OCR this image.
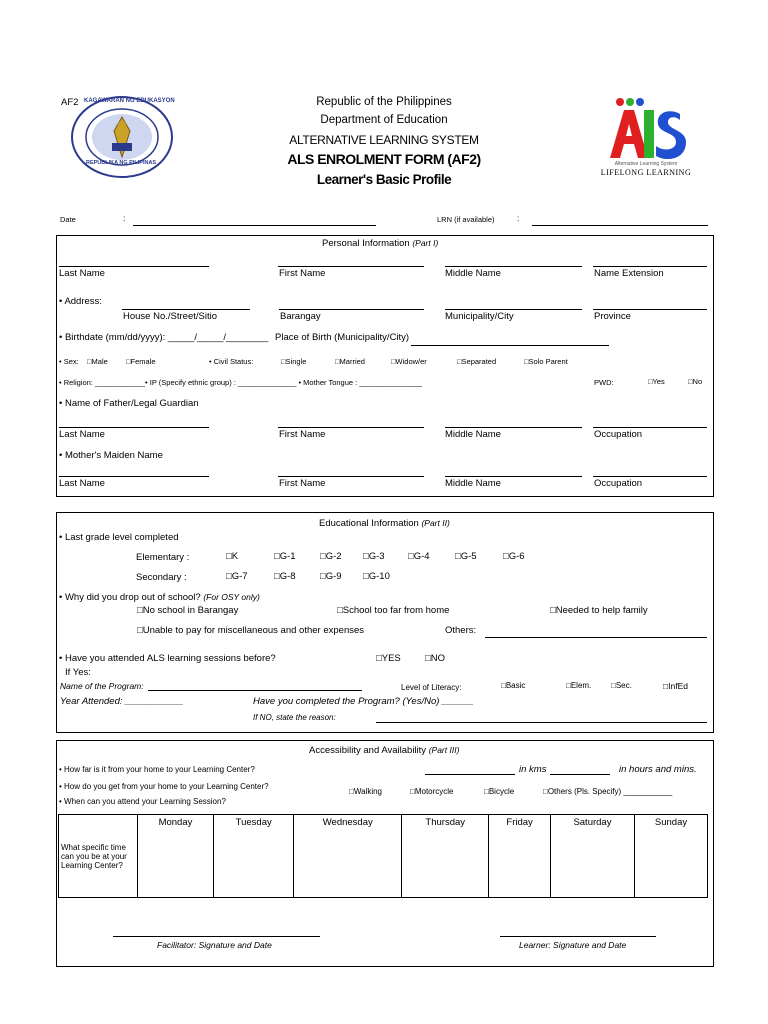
AF2 KAGAWARAN NG EDUKASYON
REPUBLIKA NG PILIPINAS
Republic of the Philippines
Department of Education
ALTERNATIVE LEARNING SYSTEM
ALS ENROLMENT FORM (AF2)
Learner's Basic Profile
Alternative Learning System
LIFELONG LEARNING
Date	:	LRN (if available)	:
Personal Information (Part I)
Last Name	First Name	Middle Name	Name Extension
• Address:
House No./Street/Sitio	Barangay	Municipality/City	Province
• Birthdate (mm/dd/yyyy): _____/_____/________ Place of Birth (Municipality/City)
• Sex: □Male □Female	• Civil Status:	□Single	□Married	□Widow/er	□Separated	□Solo Parent
• Religion: ____________• IP (Specify ethnic group) : ______________ • Mother Tongue : _______________	PWD:	□Yes	□No
• Name of Father/Legal Guardian
Last Name	First Name	Middle Name	Occupation
• Mother's Maiden Name
Last Name	First Name	Middle Name	Occupation
Educational Information (Part II)
• Last grade level completed
Elementary :
Secondary :
□K	□G-1	□G-2 □G-3 □G-4	□G-5	□G-6
□G-7	□G-8	□G-9 □G-10
• Why did you drop out of school? (For OSY only)
□No school in Barangay	□School too far from home	□Needed to help family
□Unable to pay for miscellaneous and other expenses	Others:
• Have you attended ALS learning sessions before?	□YES	□NO
If Yes:
Name of the Program:	Level of Literacy:	□Basic	□Elem. □Sec.	□InfEd
Year Attended: ___________	Have you completed the Program? (Yes/No) ______
If NO, state the reason:
Accessibility and Availability (Part III)
• How far is it from your home to your Learning Center?	in kms	in hours and mins.
• How do you get from your home to your Learning Center?
□Walking	□Motorcycle	□Bicycle	□Others (Pls. Specify) ___________
• When can you attend your Learning Session?
What specific time can you be at your Learning Center?	Monday	Tuesday	Wednesday	Thursday	Friday	Saturday	Sunday
Facilitator: Signature and Date	Learner: Signature and Date
